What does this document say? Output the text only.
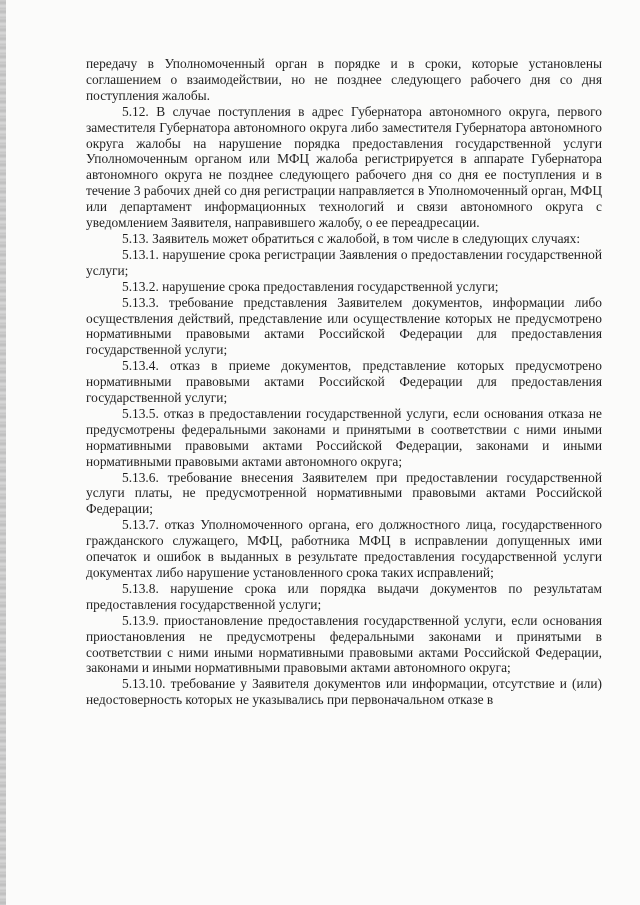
передачу в Уполномоченный орган в порядке и в сроки, которые установлены соглашением о взаимодействии, но не позднее следующего рабочего дня со дня поступления жалобы.

5.12. В случае поступления в адрес Губернатора автономного округа, первого заместителя Губернатора автономного округа либо заместителя Губернатора автономного округа жалобы на нарушение порядка предоставления государственной услуги Уполномоченным органом или МФЦ жалоба регистрируется в аппарате Губернатора автономного округа не позднее следующего рабочего дня со дня ее поступления и в течение 3 рабочих дней со дня регистрации направляется в Уполномоченный орган, МФЦ или департамент информационных технологий и связи автономного округа с уведомлением Заявителя, направившего жалобу, о ее переадресации.

5.13. Заявитель может обратиться с жалобой, в том числе в следующих случаях:

5.13.1. нарушение срока регистрации Заявления о предоставлении государственной услуги;

5.13.2. нарушение срока предоставления государственной услуги;

5.13.3. требование представления Заявителем документов, информации либо осуществления действий, представление или осуществление которых не предусмотрено нормативными правовыми актами Российской Федерации для предоставления государственной услуги;

5.13.4. отказ в приеме документов, представление которых предусмотрено нормативными правовыми актами Российской Федерации для предоставления государственной услуги;

5.13.5. отказ в предоставлении государственной услуги, если основания отказа не предусмотрены федеральными законами и принятыми в соответствии с ними иными нормативными правовыми актами Российской Федерации, законами и иными нормативными правовыми актами автономного округа;

5.13.6. требование внесения Заявителем при предоставлении государственной услуги платы, не предусмотренной нормативными правовыми актами Российской Федерации;

5.13.7. отказ Уполномоченного органа, его должностного лица, государственного гражданского служащего, МФЦ, работника МФЦ в исправлении допущенных ими опечаток и ошибок в выданных в результате предоставления государственной услуги документах либо нарушение установленного срока таких исправлений;

5.13.8. нарушение срока или порядка выдачи документов по результатам предоставления государственной услуги;

5.13.9. приостановление предоставления государственной услуги, если основания приостановления не предусмотрены федеральными законами и принятыми в соответствии с ними иными нормативными правовыми актами Российской Федерации, законами и иными нормативными правовыми актами автономного округа;

5.13.10. требование у Заявителя документов или информации, отсутствие и (или) недостоверность которых не указывались при первоначальном отказе в
